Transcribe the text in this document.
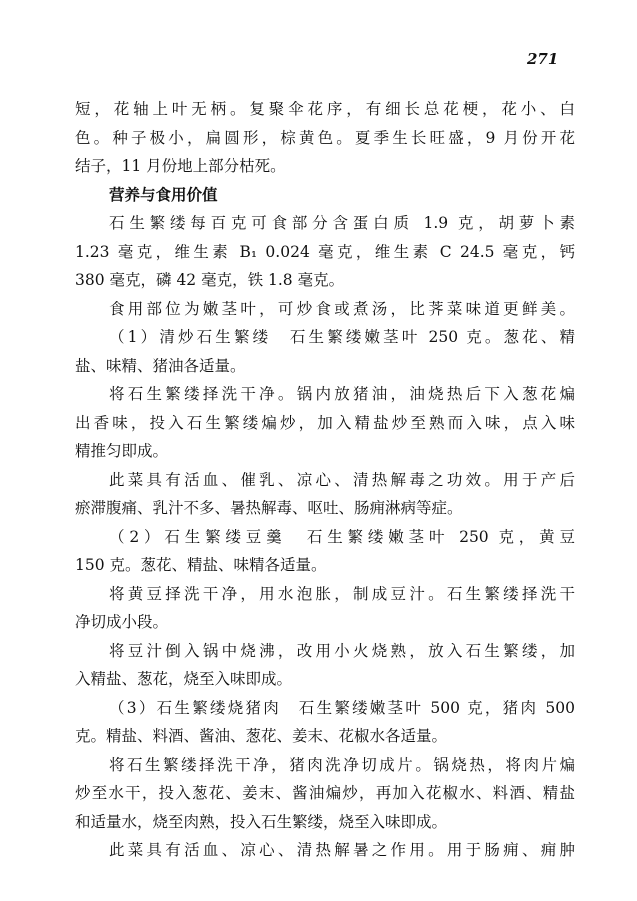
271
短，花轴上叶无柄。复聚伞花序，有细长总花梗，花小、白
色。种子极小，扁圆形，棕黄色。夏季生长旺盛，9 月份开花
结子，11 月份地上部分枯死。
营养与食用价值
石生繁缕每百克可食部分含蛋白质 1.9 克，胡萝卜素
1.23 毫克，维生素 B₁ 0.024 毫克，维生素 C 24.5 毫克，钙
380 毫克，磷 42 毫克，铁 1.8 毫克。
食用部位为嫩茎叶，可炒食或煮汤，比荠菜味道更鲜美。
（1）清炒石生繁缕　石生繁缕嫩茎叶 250 克。葱花、精
盐、味精、猪油各适量。
将石生繁缕择洗干净。锅内放猪油，油烧热后下入葱花煸
出香味，投入石生繁缕煸炒，加入精盐炒至熟而入味，点入味
精推匀即成。
此菜具有活血、催乳、凉心、清热解毒之功效。用于产后
瘀滞腹痛、乳汁不多、暑热解毒、呕吐、肠痈淋病等症。
（2）石生繁缕豆羹　石生繁缕嫩茎叶 250 克，黄豆
150 克。葱花、精盐、味精各适量。
将黄豆择洗干净，用水泡胀，制成豆汁。石生繁缕择洗干
净切成小段。
将豆汁倒入锅中烧沸，改用小火烧熟，放入石生繁缕，加
入精盐、葱花，烧至入味即成。
（3）石生繁缕烧猪肉　石生繁缕嫩茎叶 500 克，猪肉 500
克。精盐、料酒、酱油、葱花、姜末、花椒水各适量。
将石生繁缕择洗干净，猪肉洗净切成片。锅烧热，将肉片煸
炒至水干，投入葱花、姜末、酱油煸炒，再加入花椒水、料酒、精盐
和适量水，烧至肉熟，投入石生繁缕，烧至入味即成。
此菜具有活血、凉心、清热解暑之作用。用于肠痈、痈肿
